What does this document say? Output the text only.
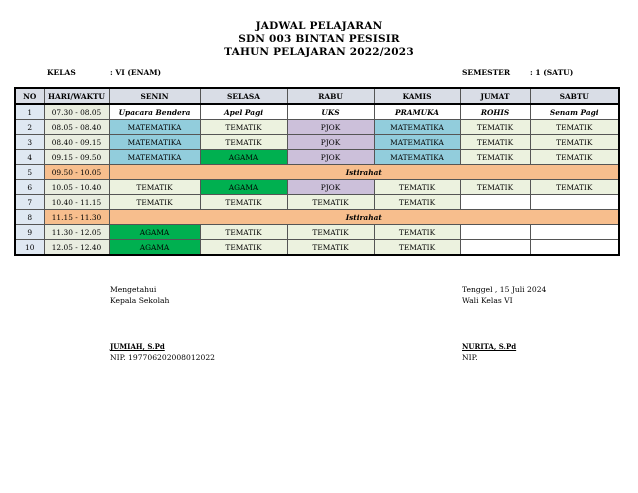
JADWAL PELAJARAN
SDN 003 BINTAN PESISIR
TAHUN PELAJARAN 2022/2023
KELAS	: VI (ENAM)	SEMESTER	: 1 (SATU)
NO	HARI/WAKTU	SENIN	SELASA	RABU	KAMIS	JUMAT	SABTU
1	07.30 - 08.05	Upacara Bendera	Apel Pagi	UKS	PRAMUKA	ROHIS	Senam Pagi
2	08.05 - 08.40	MATEMATIKA	TEMATIK	PJOK	MATEMATIKA	TEMATIK	TEMATIK
3	08.40 - 09.15	MATEMATIKA	TEMATIK	PJOK	MATEMATIKA	TEMATIK	TEMATIK
4	09.15 - 09.50	MATEMATIKA	AGAMA	PJOK	MATEMATIKA	TEMATIK	TEMATIK
5	09.50 - 10.05	Istirahat					
6	10.05 - 10.40	TEMATIK	AGAMA	PJOK	TEMATIK	TEMATIK	TEMATIK
7	10.40 - 11.15	TEMATIK	TEMATIK	TEMATIK	TEMATIK		
8	11.15 - 11.30	Istirahat					
9	11.30 - 12.05	AGAMA	TEMATIK	TEMATIK	TEMATIK		
10	12.05 - 12.40	AGAMA	TEMATIK	TEMATIK	TEMATIK		
Mengetahui
Kepala Sekolah
JUMIAH, S.Pd
NIP. 197706202008012022
Tenggel , 15 Juli 2024
Wali Kelas VI
NURITA, S.Pd
NIP.
